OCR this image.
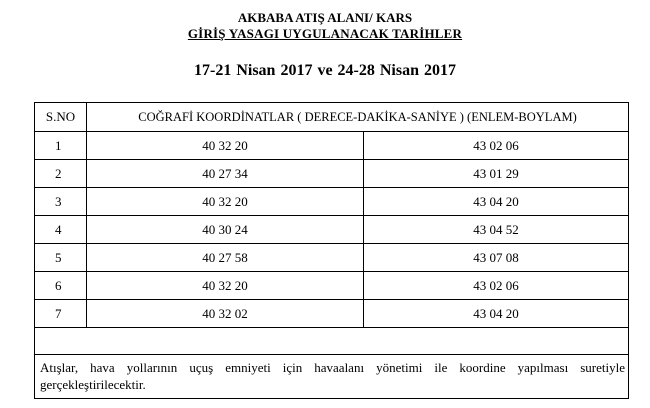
AKBABA ATIŞ ALANI/ KARS
GİRİŞ YASAGI UYGULANACAK TARİHLER
17-21 Nisan 2017 ve 24-28 Nisan 2017
S.NO	COĞRAFİ KOORDİNATLAR ( DERECE-DAKİKA-SANİYE ) (ENLEM-BOYLAM)	
1	40 32 20	43 02 06
2	40 27 34	43 01 29
3	40 32 20	43 04 20
4	40 30 24	43 04 52
5	40 27 58	43 07 08
6	40 32 20	43 02 06
7	40 32 02	43 04 20

Atışlar, hava yollarının uçuş emniyeti için havaalanı yönetimi ile koordine yapılması suretiyle gerçekleştirilecektir.		
